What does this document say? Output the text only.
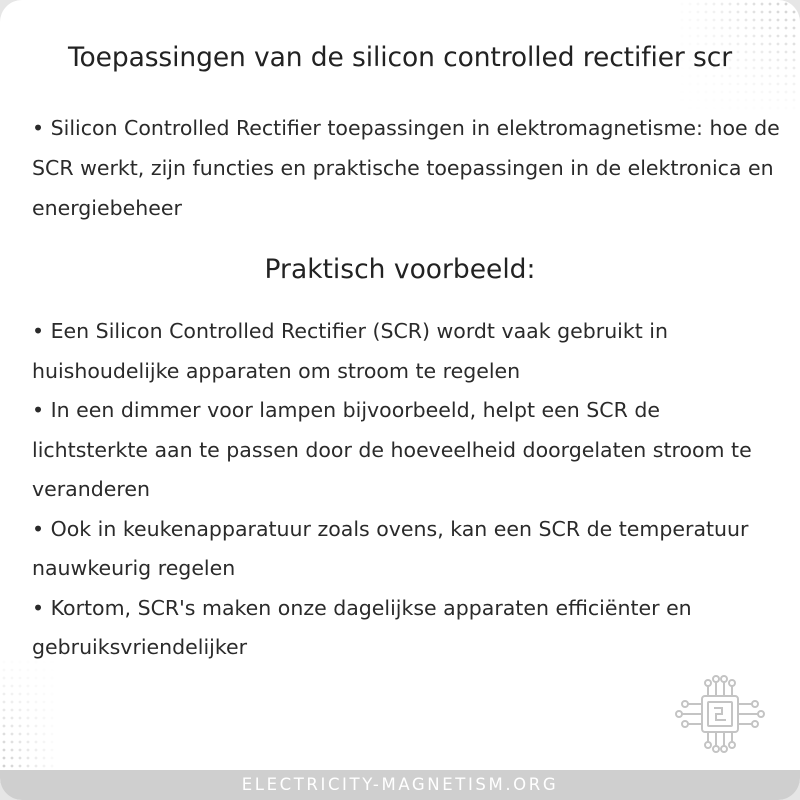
Toepassingen van de silicon controlled rectifier scr
• Silicon Controlled Rectifier toepassingen in elektromagnetisme: hoe de SCR werkt, zijn functies en praktische toepassingen in de elektronica en energiebeheer
Praktisch voorbeeld:
• Een Silicon Controlled Rectifier (SCR) wordt vaak gebruikt in huishoudelijke apparaten om stroom te regelen
• In een dimmer voor lampen bijvoorbeeld, helpt een SCR de lichtsterkte aan te passen door de hoeveelheid doorgelaten stroom te veranderen
• Ook in keukenapparatuur zoals ovens, kan een SCR de temperatuur nauwkeurig regelen
• Kortom, SCR's maken onze dagelijkse apparaten efficiënter en gebruiksvriendelijker
ELECTRICITY-MAGNETISM.ORG
